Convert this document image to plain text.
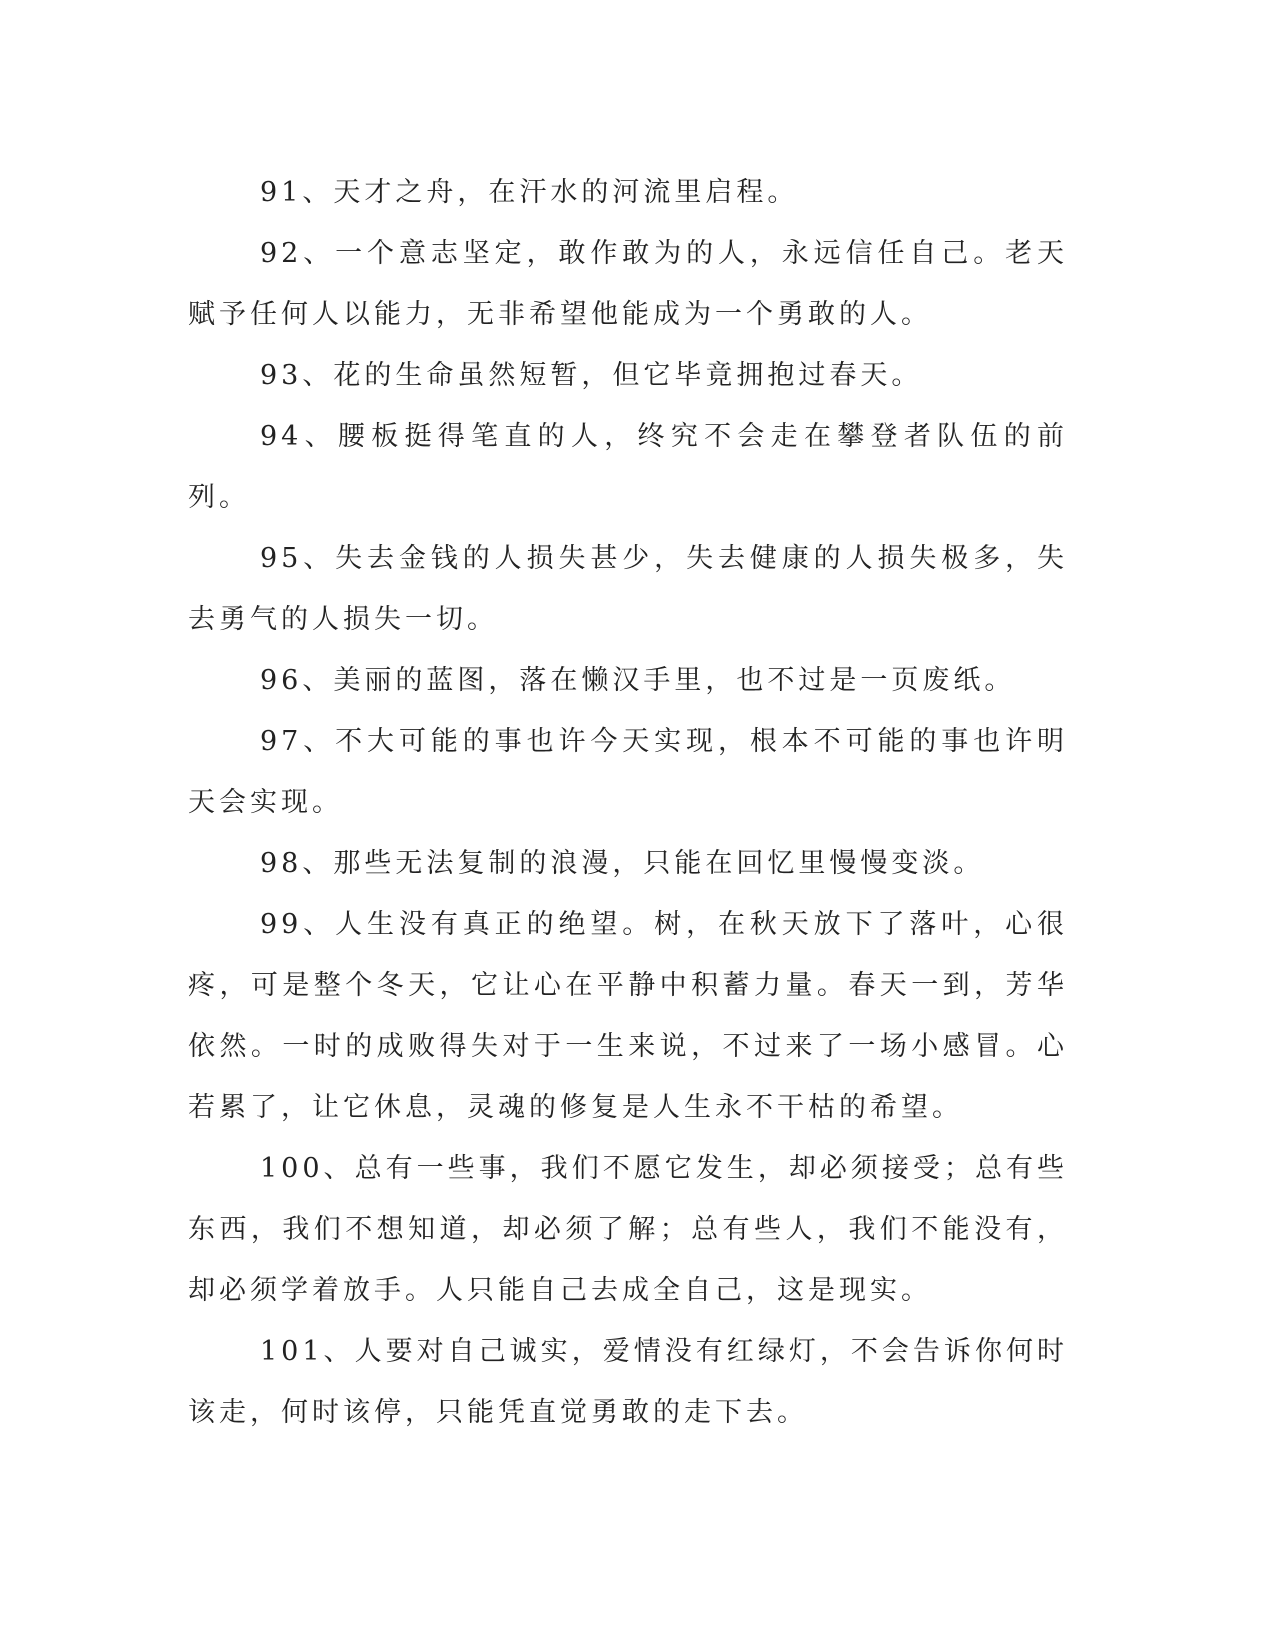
91、天才之舟，在汗水的河流里启程。

92、一个意志坚定，敢作敢为的人，永远信任自己。老天赋予任何人以能力，无非希望他能成为一个勇敢的人。

93、花的生命虽然短暂，但它毕竟拥抱过春天。

94、腰板挺得笔直的人，终究不会走在攀登者队伍的前列。

95、失去金钱的人损失甚少，失去健康的人损失极多，失去勇气的人损失一切。

96、美丽的蓝图，落在懒汉手里，也不过是一页废纸。

97、不大可能的事也许今天实现，根本不可能的事也许明天会实现。

98、那些无法复制的浪漫，只能在回忆里慢慢变淡。

99、人生没有真正的绝望。树，在秋天放下了落叶，心很疼，可是整个冬天，它让心在平静中积蓄力量。春天一到，芳华依然。一时的成败得失对于一生来说，不过来了一场小感冒。心若累了，让它休息，灵魂的修复是人生永不干枯的希望。

100、总有一些事，我们不愿它发生，却必须接受；总有些东西，我们不想知道，却必须了解；总有些人，我们不能没有，却必须学着放手。人只能自己去成全自己，这是现实。

101、人要对自己诚实，爱情没有红绿灯，不会告诉你何时该走，何时该停，只能凭直觉勇敢的走下去。
